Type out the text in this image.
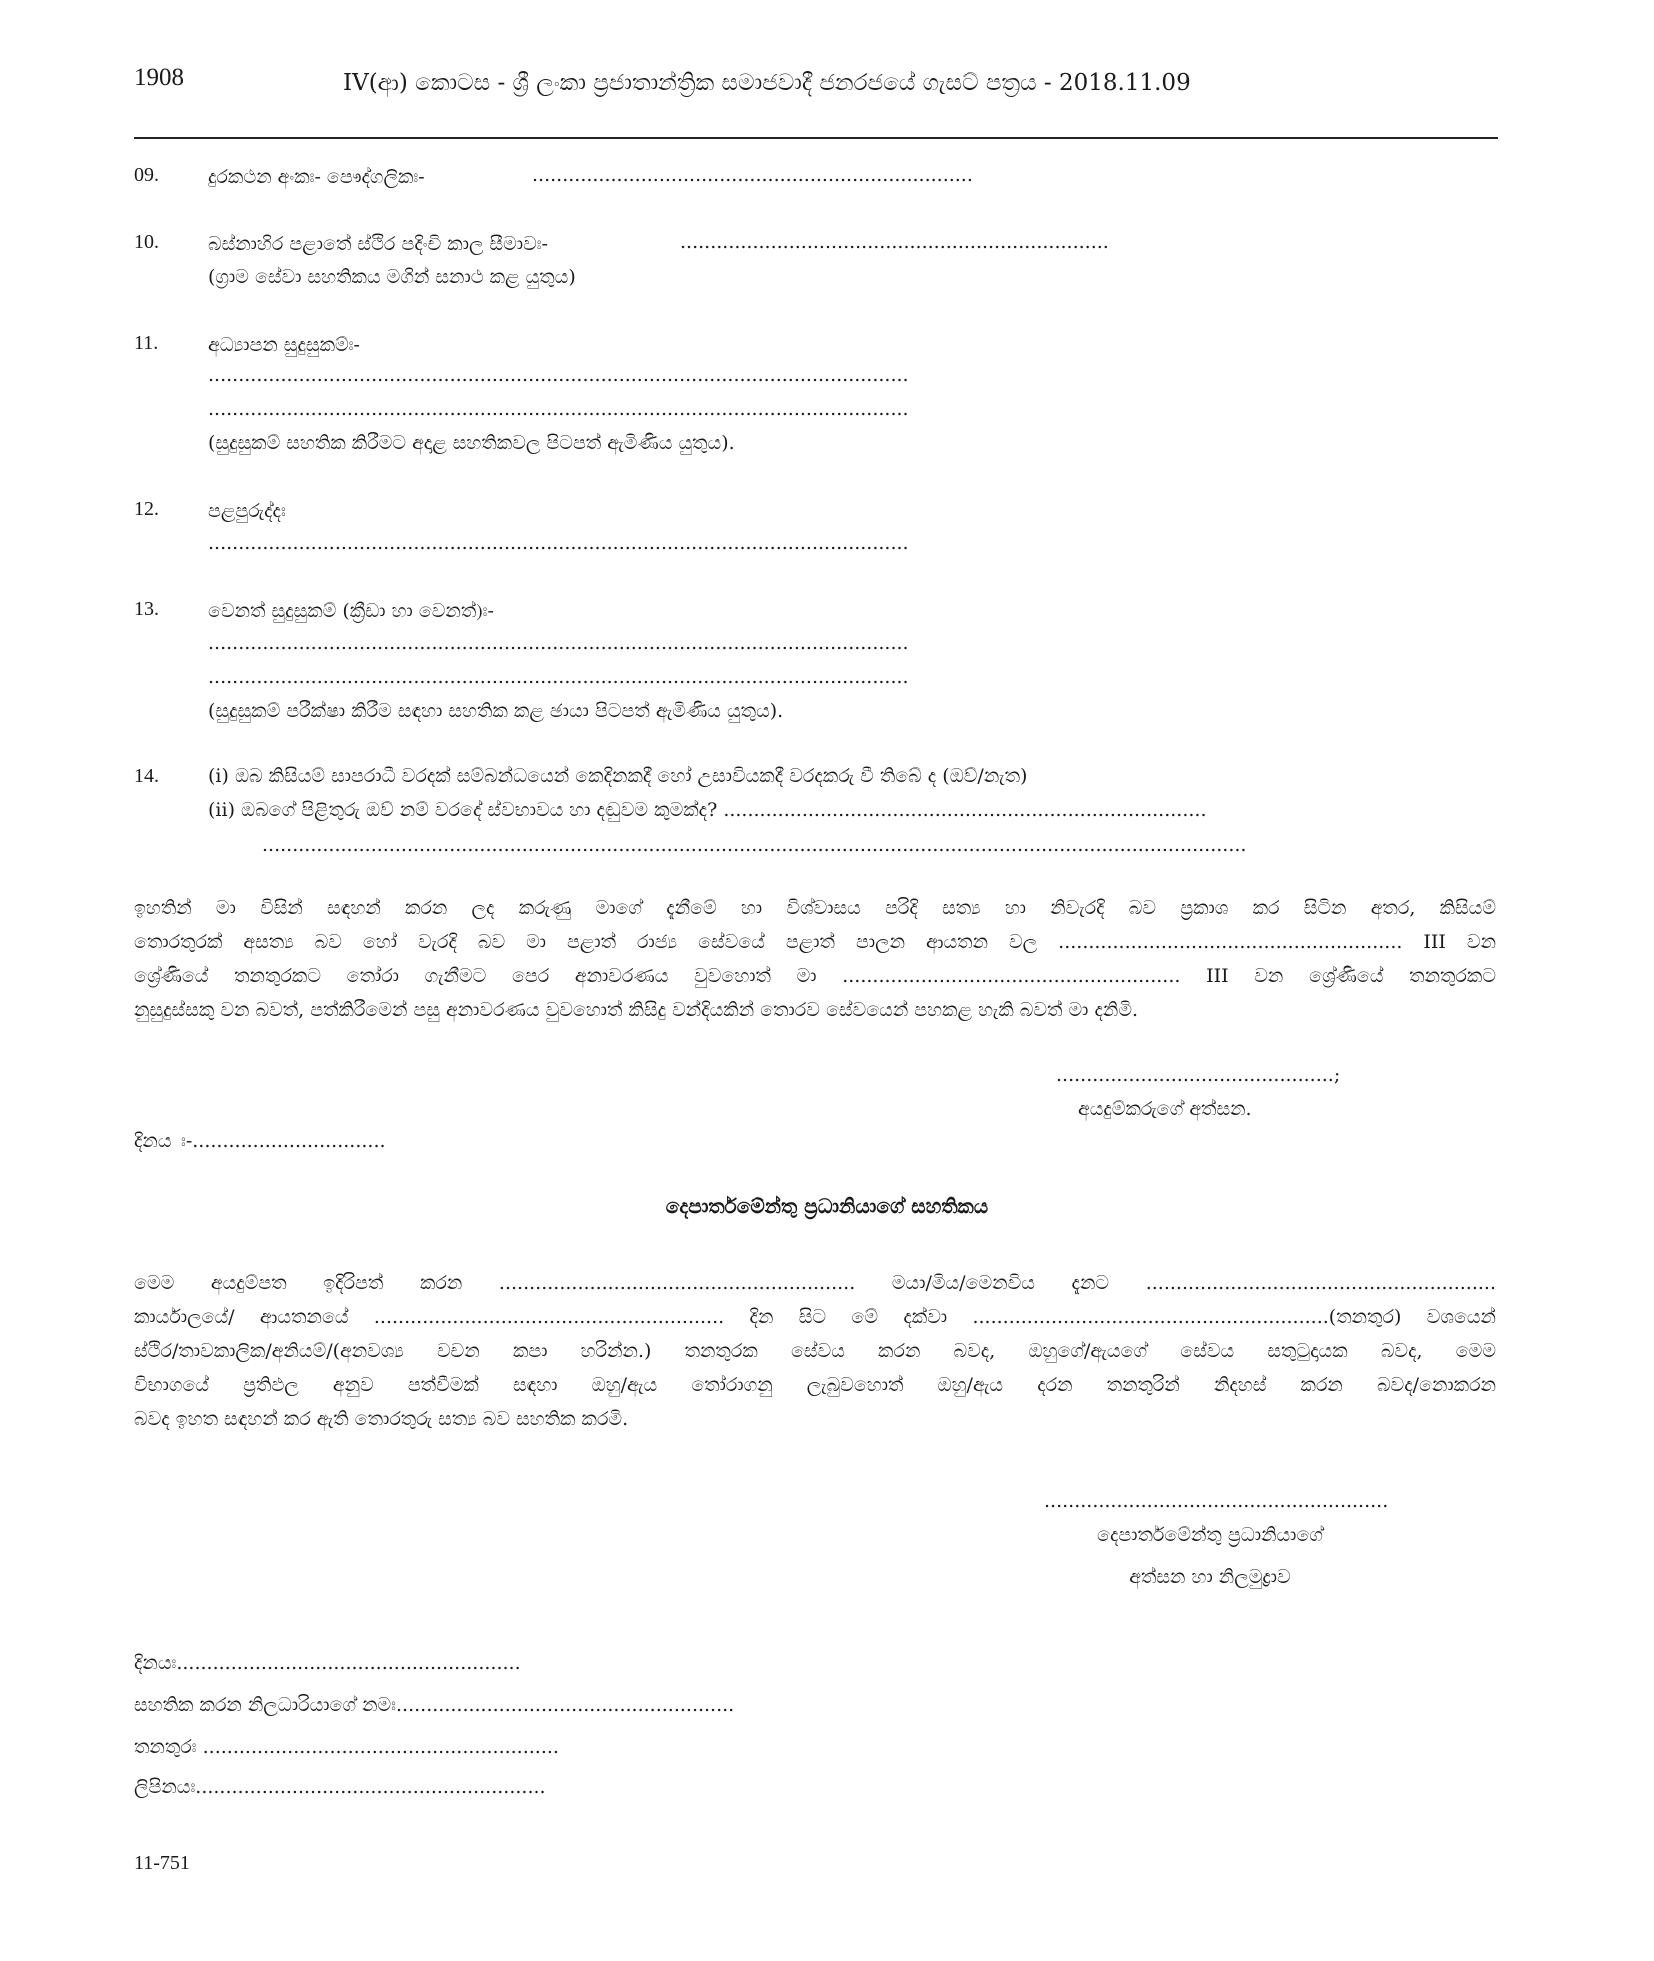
1908	IV(ආ) කොටස - ශ්‍රී ලංකා ප්‍රජාතාන්ත්‍රික සමාජවාදී ජනරජයේ ගැසට් පත්‍රය - 2018.11.09
09.	දුරකථන අංකඃ- පෞද්ගලිකඃ-	.........................................................................
10.	බස්නාහිර පළාතේ ස්ථිර පදිංචි කාල සීමාවඃ-	.......................................................................
(ග්‍රාම සේවා සහතිකය මගින් සනාථ කළ යුතුය)
11.	අධ්‍යාපන සුදුසුකම්ඃ-
....................................................................................................................
....................................................................................................................
(සුදුසුකම් සහතික කිරීමට අදාළ සහතිකවල පිටපත් ඇමිණිය යුතුය).
12.	පළපුරුද්දඃ
....................................................................................................................
13.	වෙනත් සුදුසුකම් (ක්‍රීඩා හා වෙනත්)ඃ-
....................................................................................................................
....................................................................................................................
(සුදුසුකම් පරීක්ෂා කිරීම සඳහා සහතික කළ ඡායා පිටපත් ඇමිණිය යුතුය).
14.	(i) ඔබ කිසියම් සාපරාධී වරදක් සම්බන්ධයෙන් කෙදිනකදී හෝ උසාවියකදී වරදකරු වී තිබේ ද (ඔව්/නැත)
(ii) ඔබගේ පිළිතුරු ඔව් නම් වරදේ ස්වභාවය හා දඬුවම කුමක්ද? ................................................................................
...................................................................................................................................................................
ඉහතින් මා විසින් සඳහන් කරන ලද කරුණු මාගේ දැනීමේ හා විශ්වාසය පරිදි සත්‍ය හා නිවැරදි බව ප්‍රකාශ කර සිටින අතර, කිසියම්
තොරතුරක් අසත්‍ය බව හෝ වැරදි බව මා පළාත් රාජ්‍ය සේවයේ පළාත් පාලන ආයතන වල ......................................................... III වන
ශ්‍රේණියේ තනතුරකට තෝරා ගැනීමට පෙර අනාවරණය වුවහොත් මා ........................................................ III වන ශ්‍රේණියේ තනතුරකට
නුසුදුස්සකු වන බවත්, පත්කිරීමෙන් පසු අනාවරණය වුවහොත් කිසිදු වන්දියකින් තොරව සේවයෙන් පහකළ හැකි බවත් මා දනිමි.
..............................................;
අයදුම්කරුගේ අත්සන.
දිනය ඃ-................................
දෙපාර්තමේන්තු ප්‍රධානියාගේ සහතිකය
මෙම අයදුම්පත ඉදිරිපත් කරන ........................................................... මයා/මිය/මෙනවිය දැනට ..........................................................
කාර්යාලයේ/ ආයතනයේ .......................................................... දින සිට මේ දක්වා ...........................................................(තනතුර) වශයෙන්
ස්ථිර/තාවකාලික/අනියම්/(අනවශ්‍ය වචන කපා හරින්න.) තනතුරක සේවය කරන බවද, ඔහුගේ/ඇයගේ සේවය සතුටුදායක බවද, මෙම
විභාගයේ ප්‍රතිඵල අනුව පත්වීමක් සඳහා ඔහු/ඇය තෝරාගනු ලැබුවහොත් ඔහු/ඇය දරන තනතුරින් නිදහස් කරන බවද/නොකරන
බවද ඉහත සඳහන් කර ඇති තොරතුරු සත්‍ය බව සහතික කරමි.
.........................................................
දෙපාර්තමේන්තු ප්‍රධානියාගේ
අත්සන හා නිලමුද්‍රාව
දිනයඃ.........................................................
සහතික කරන නිලධාරියාගේ නමඃ........................................................
තනතුරඃ ...........................................................
ලිපිනයඃ..........................................................
11-751
